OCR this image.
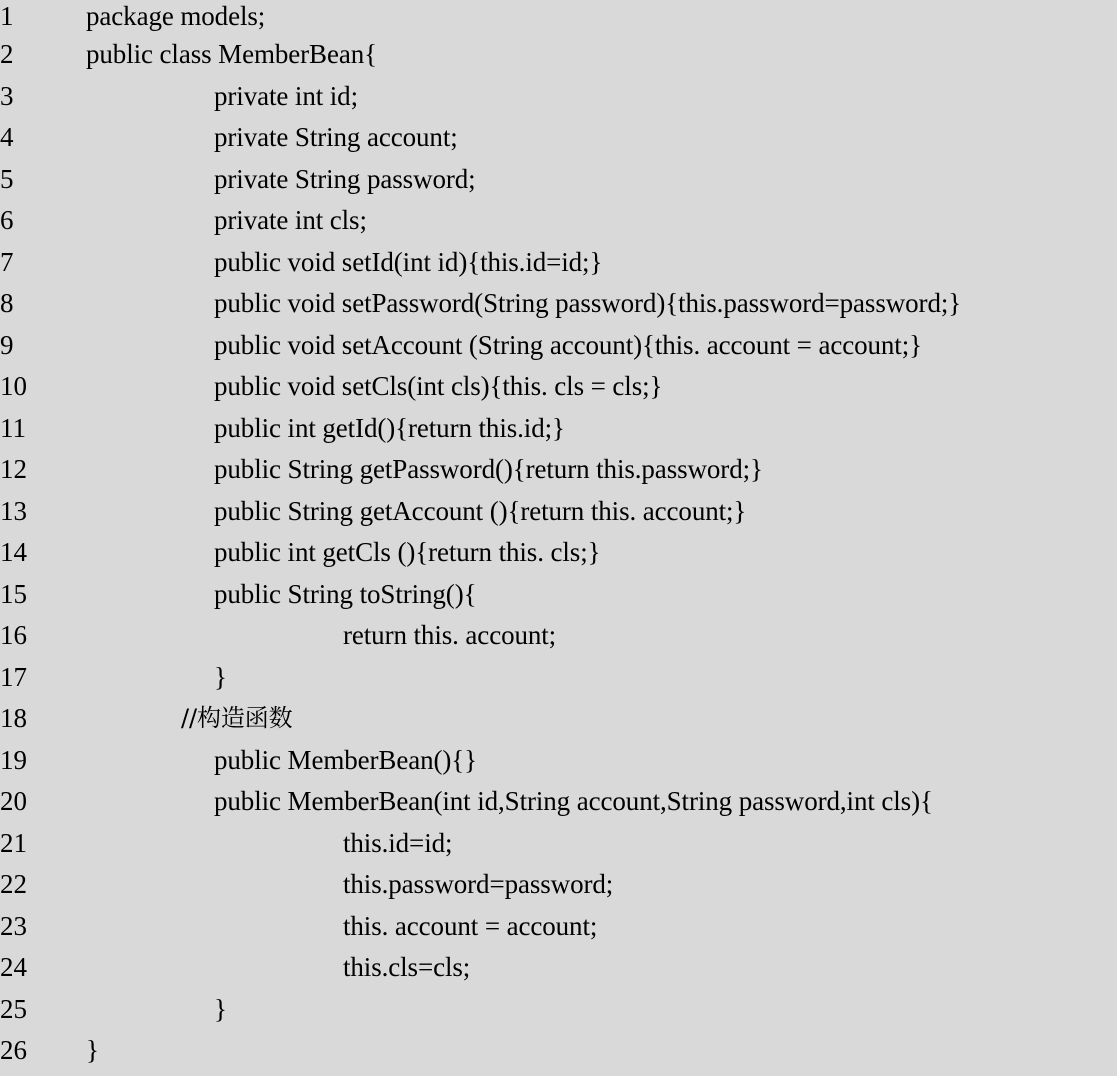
1	package models;
2	public class MemberBean{
3	private int id;
4	private String account;
5	private String password;
6	private int cls;
7	public void setId(int id){this.id=id;}
8	public void setPassword(String password){this.password=password;}
9	public void setAccount (String account){this. account = account;}
10	public void setCls(int cls){this. cls = cls;}
11	public int getId(){return this.id;}
12	public String getPassword(){return this.password;}
13	public String getAccount (){return this. account;}
14	public int getCls (){return this. cls;}
15	public String toString(){
16	return this. account;
17	}
18	//构造函数
19	public MemberBean(){}
20	public MemberBean(int id,String account,String password,int cls){
21	this.id=id;
22	this.password=password;
23	this. account = account;
24	this.cls=cls;
25	}
26 }
